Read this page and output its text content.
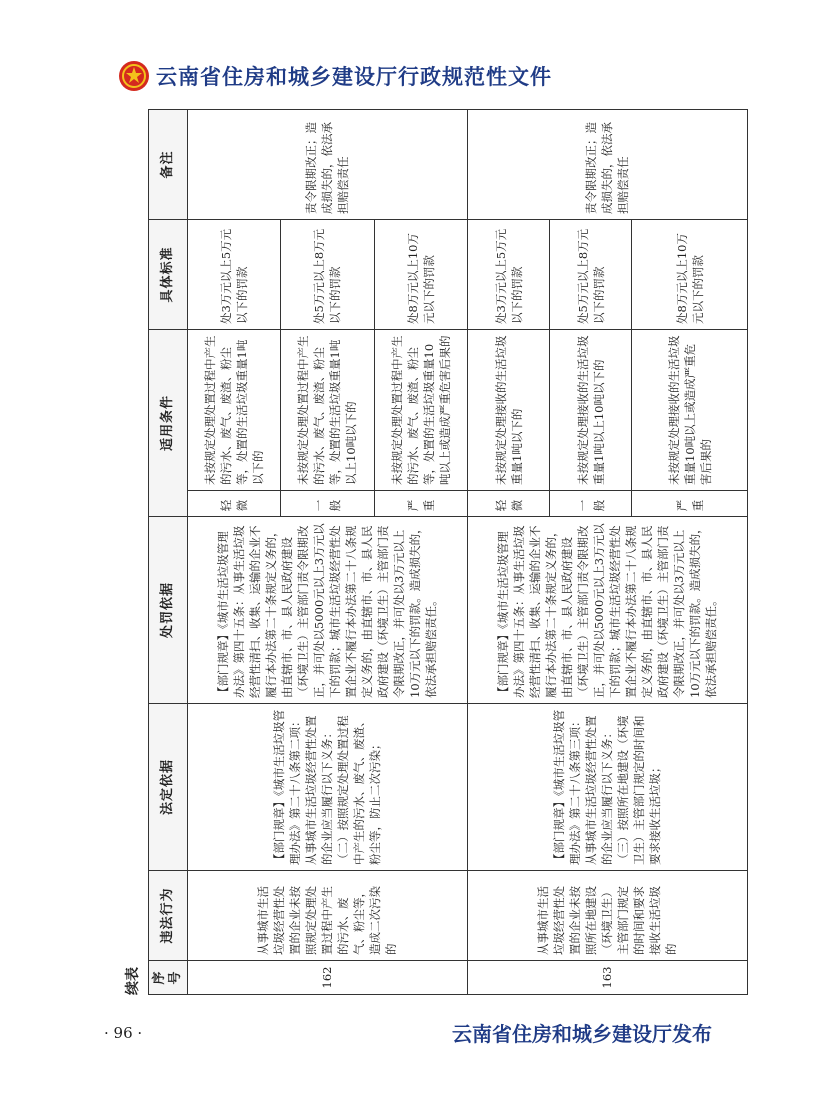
云南省住房和城乡建设厅行政规范性文件
续表 序号	违法行为	法定依据	处罚依据	适用条件		具体标准	备注
162	从事城市生活垃圾经营性处置的企业未按照规定处理处置过程中产生的污水、废气、粉尘等，造成二次污染的	【部门规章】《城市生活垃圾管理办法》第二十八条第二项：从事城市生活垃圾经营性处置的企业应当履行以下义务：
（二）按照规定处理处置过程中产生的污水、废气、废渣、粉尘等，防止二次污染；	【部门规章】《城市生活垃圾管理办法》第四十五条：从事生活垃圾经营性清扫、收集、运输的企业不履行本办法第二十条规定义务的，由直辖市、市、县人民政府建设（环境卫生）主管部门责令限期改正，并可处以5000元以上3万元以下的罚款；城市生活垃圾经营性处置企业不履行本办法第二十八条规定义务的，由直辖市、市、县人民政府建设（环境卫生）主管部门责令限期改正，并可处以3万元以上10万元以下的罚款。造成损失的，依法承担赔偿责任。	轻微	未按规定处理处置过程中产生的污水、废气、废渣、粉尘等，处置的生活垃圾重量1吨以下的	处3万元以上5万元以下的罚款	责令限期改正；造成损失的，依法承担赔偿责任
				一般	未按规定处理处置过程中产生的污水、废气、废渣、粉尘等，处置的生活垃圾重量1吨以上10吨以下的	处5万元以上8万元以下的罚款	
				严重	未按规定处理处置过程中产生的污水、废气、废渣、粉尘等，处置的生活垃圾重量10吨以上或造成严重危害后果的	处8万元以上10万元以下的罚款	
163	从事城市生活垃圾经营性处置的企业未按照所在地建设（环境卫生）主管部门规定的时间和要求接收生活垃圾的	【部门规章】《城市生活垃圾管理办法》第二十八条第三项：从事城市生活垃圾经营性处置的企业应当履行以下义务：
（三）按照所在地建设（环境卫生）主管部门规定的时间和要求接收生活垃圾；	【部门规章】《城市生活垃圾管理办法》第四十五条：从事生活垃圾经营性清扫、收集、运输的企业不履行本办法第二十条规定义务的，由直辖市、市、县人民政府建设（环境卫生）主管部门责令限期改正，并可处以5000元以上3万元以下的罚款；城市生活垃圾经营性处置企业不履行本办法第二十八条规定义务的，由直辖市、市、县人民政府建设（环境卫生）主管部门责令限期改正，并可处以3万元以上10万元以下的罚款。造成损失的，依法承担赔偿责任。	轻微	未按规定处理接收的生活垃圾重量1吨以下的	处3万元以上5万元以下的罚款	责令限期改正；造成损失的，依法承担赔偿责任
				一般	未按规定处理接收的生活垃圾重量1吨以上10吨以下的	处5万元以上8万元以下的罚款	
				严重	未按规定处理接收的生活垃圾重量10吨以上或造成严重危害后果的	处8万元以上10万元以下的罚款	
· 96 ·	云南省住房和城乡建设厅发布
